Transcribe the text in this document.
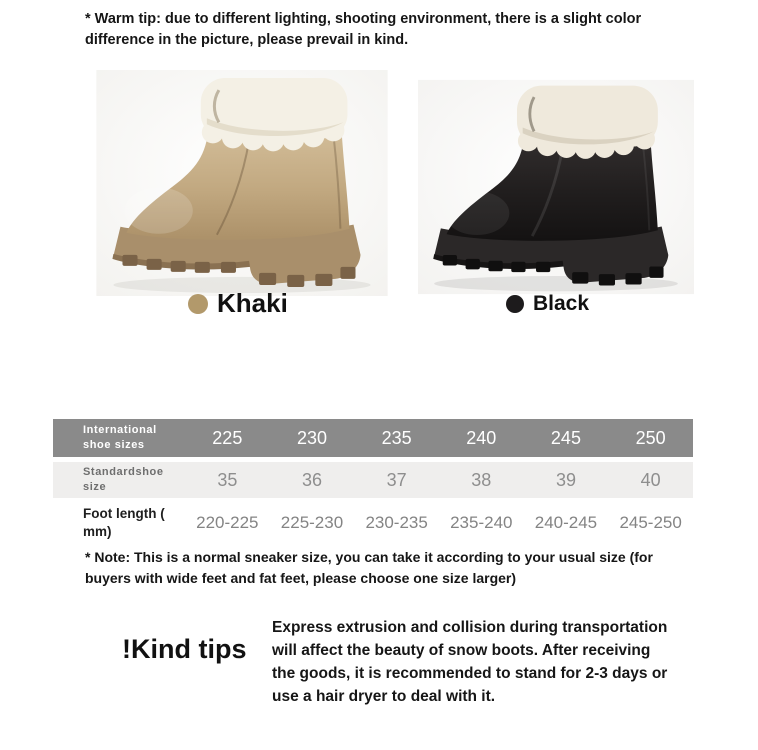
* Warm tip: due to different lighting, shooting environment, there is a slight color difference in the picture, please prevail in kind.

Khaki	Black
International shoe sizes	225	230	235	240	245	250
Standardshoe size	35	36	37	38	39	40
Foot length ( mm)	220-225	225-230	230-235	235-240	240-245	245-250

* Note: This is a normal sneaker size, you can take it according to your usual size (for buyers with wide feet and fat feet, please choose one size larger)

!Kind tips

Express extrusion and collision during transportation will affect the beauty of snow boots. After receiving the goods, it is recommended to stand for 2-3 days or use a hair dryer to deal with it.
